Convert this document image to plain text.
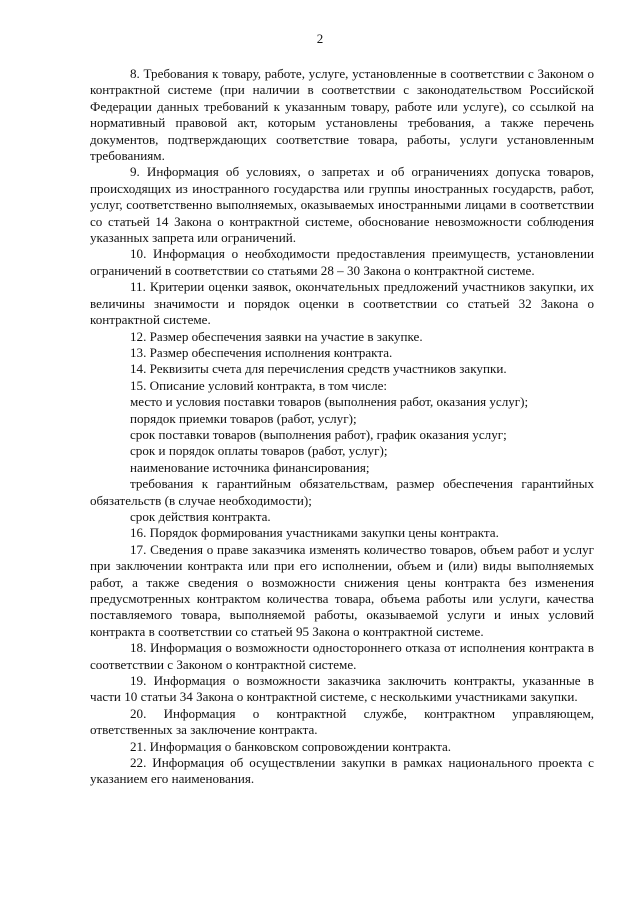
2

8. Требования к товару, работе, услуге, установленные в соответствии с Законом о контрактной системе (при наличии в соответствии с законодательством Российской Федерации данных требований к указанным товару, работе или услуге), со ссылкой на нормативный правовой акт, которым установлены требования, а также перечень документов, подтверждающих соответствие товара, работы, услуги установленным требованиям.

9. Информация об условиях, о запретах и об ограничениях допуска товаров, происходящих из иностранного государства или группы иностранных государств, работ, услуг, соответственно выполняемых, оказываемых иностранными лицами в соответствии со статьей 14 Закона о контрактной системе, обоснование невозможности соблюдения указанных запрета или ограничений.

10. Информация о необходимости предоставления преимуществ, установлении ограничений в соответствии со статьями 28 – 30 Закона о контрактной системе.

11. Критерии оценки заявок, окончательных предложений участников закупки, их величины значимости и порядок оценки в соответствии со статьей 32 Закона о контрактной системе.

12. Размер обеспечения заявки на участие в закупке.

13. Размер обеспечения исполнения контракта.

14. Реквизиты счета для перечисления средств участников закупки.

15. Описание условий контракта, в том числе:

место и условия поставки товаров (выполнения работ, оказания услуг);

порядок приемки товаров (работ, услуг);

срок поставки товаров (выполнения работ), график оказания услуг;

срок и порядок оплаты товаров (работ, услуг);

наименование источника финансирования;

требования к гарантийным обязательствам, размер обеспечения гарантийных обязательств (в случае необходимости);

срок действия контракта.

16. Порядок формирования участниками закупки цены контракта.

17. Сведения о праве заказчика изменять количество товаров, объем работ и услуг при заключении контракта или при его исполнении, объем и (или) виды выполняемых работ, а также сведения о возможности снижения цены контракта без изменения предусмотренных контрактом количества товара, объема работы или услуги, качества поставляемого товара, выполняемой работы, оказываемой услуги и иных условий контракта в соответствии со статьей 95 Закона о контрактной системе.

18. Информация о возможности одностороннего отказа от исполнения контракта в соответствии с Законом о контрактной системе.

19. Информация о возможности заказчика заключить контракты, указанные в части 10 статьи 34 Закона о контрактной системе, с несколькими участниками закупки.

20. Информация о контрактной службе, контрактном управляющем, ответственных за заключение контракта.

21. Информация о банковском сопровождении контракта.

22. Информация об осуществлении закупки в рамках национального проекта с указанием его наименования.
